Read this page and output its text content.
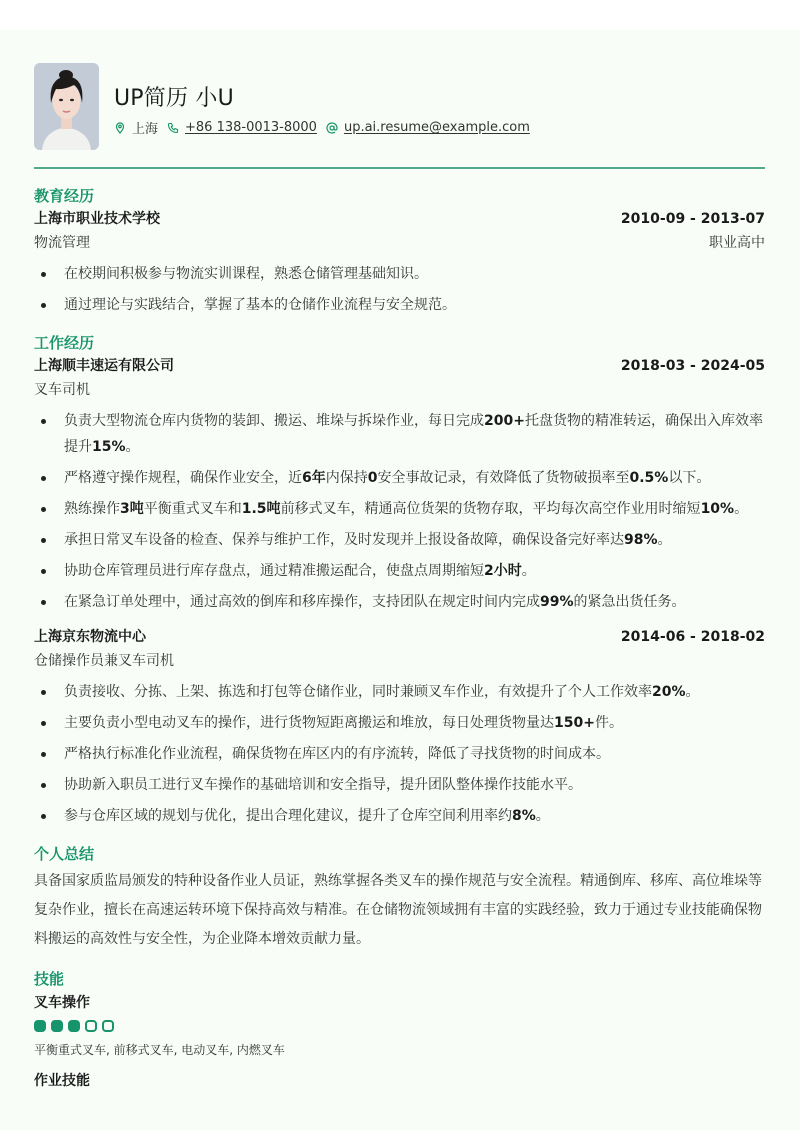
UP简历 小U
上海 +86 138-0013-8000 up.ai.resume@example.com
教育经历
上海市职业技术学校	2010-09 - 2013-07
物流管理	职业高中
在校期间积极参与物流实训课程，熟悉仓储管理基础知识。
通过理论与实践结合，掌握了基本的仓储作业流程与安全规范。
工作经历
上海顺丰速运有限公司	2018-03 - 2024-05
叉车司机
负责大型物流仓库内货物的装卸、搬运、堆垛与拆垛作业，每日完成200+托盘货物的精准转运，确保出入库效率提升15%。
严格遵守操作规程，确保作业安全，近6年内保持0安全事故记录，有效降低了货物破损率至0.5%以下。
熟练操作3吨平衡重式叉车和1.5吨前移式叉车，精通高位货架的货物存取，平均每次高空作业用时缩短10%。
承担日常叉车设备的检查、保养与维护工作，及时发现并上报设备故障，确保设备完好率达98%。
协助仓库管理员进行库存盘点，通过精准搬运配合，使盘点周期缩短2小时。
在紧急订单处理中，通过高效的倒库和移库操作，支持团队在规定时间内完成99%的紧急出货任务。
上海京东物流中心	2014-06 - 2018-02
仓储操作员兼叉车司机
负责接收、分拣、上架、拣选和打包等仓储作业，同时兼顾叉车作业，有效提升了个人工作效率20%。
主要负责小型电动叉车的操作，进行货物短距离搬运和堆放，每日处理货物量达150+件。
严格执行标准化作业流程，确保货物在库区内的有序流转，降低了寻找货物的时间成本。
协助新入职员工进行叉车操作的基础培训和安全指导，提升团队整体操作技能水平。
参与仓库区域的规划与优化，提出合理化建议，提升了仓库空间利用率约8%。
个人总结
具备国家质监局颁发的特种设备作业人员证，熟练掌握各类叉车的操作规范与安全流程。精通倒库、移库、高位堆垛等复杂作业，擅长在高速运转环境下保持高效与精准。在仓储物流领域拥有丰富的实践经验，致力于通过专业技能确保物料搬运的高效性与安全性，为企业降本增效贡献力量。
技能
叉车操作
平衡重式叉车, 前移式叉车, 电动叉车, 内燃叉车
作业技能
